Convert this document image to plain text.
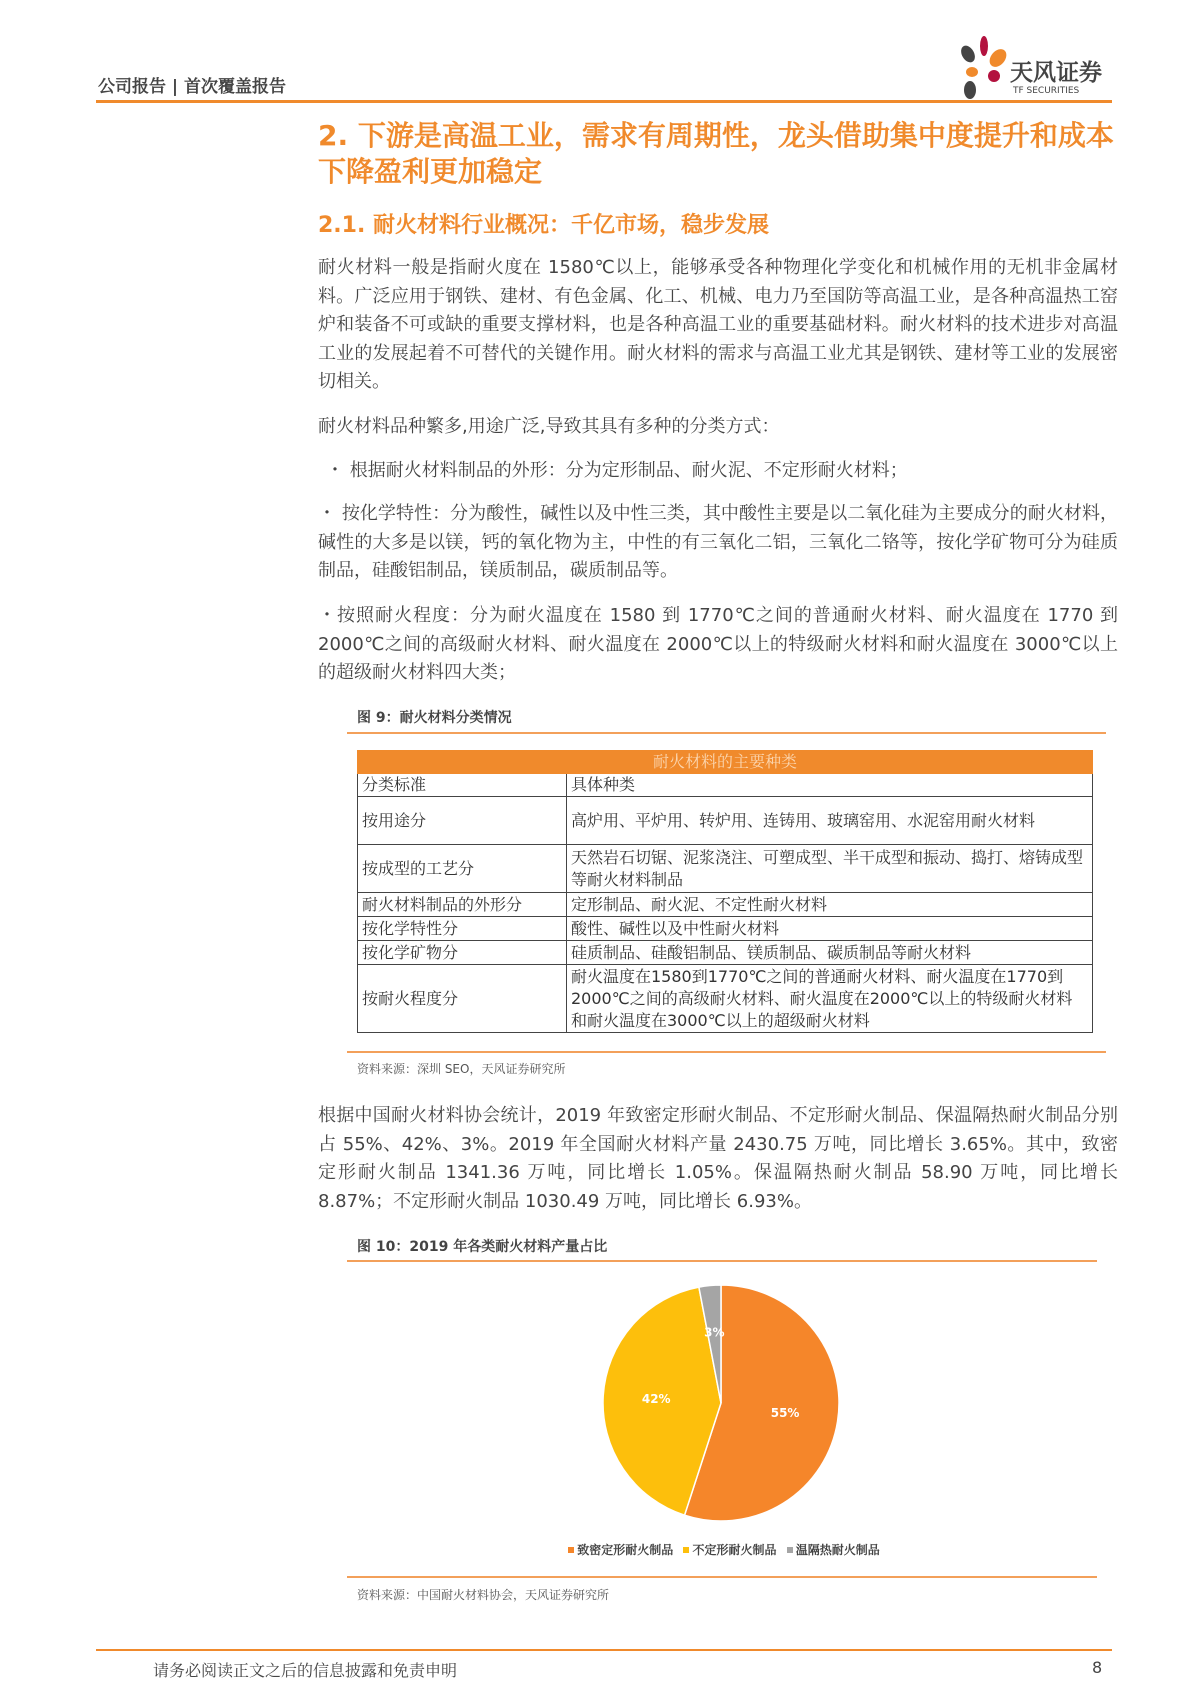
公司报告 | 首次覆盖报告
天风证券
TF SECURITIES
2. 下游是高温工业，需求有周期性，龙头借助集中度提升和成本下降盈利更加稳定
2.1. 耐火材料行业概况：千亿市场，稳步发展
耐火材料一般是指耐火度在 1580℃以上，能够承受各种物理化学变化和机械作用的无机非金属材料。广泛应用于钢铁、建材、有色金属、化工、机械、电力乃至国防等高温工业，是各种高温热工窑炉和装备不可或缺的重要支撑材料，也是各种高温工业的重要基础材料。耐火材料的技术进步对高温工业的发展起着不可替代的关键作用。耐火材料的需求与高温工业尤其是钢铁、建材等工业的发展密切相关。
耐火材料品种繁多,用途广泛,导致其具有多种的分类方式：
・ 根据耐火材料制品的外形：分为定形制品、耐火泥、不定形耐火材料；
・ 按化学特性：分为酸性，碱性以及中性三类，其中酸性主要是以二氧化硅为主要成分的耐火材料，碱性的大多是以镁，钙的氧化物为主，中性的有三氧化二铝，三氧化二铬等，按化学矿物可分为硅质制品，硅酸铝制品，镁质制品，碳质制品等。
・按照耐火程度：分为耐火温度在 1580 到 1770℃之间的普通耐火材料、耐火温度在 1770 到 2000℃之间的高级耐火材料、耐火温度在 2000℃以上的特级耐火材料和耐火温度在 3000℃以上的超级耐火材料四大类；
图 9：耐火材料分类情况
耐火材料的主要种类	
分类标准	具体种类
按用途分	高炉用、平炉用、转炉用、连铸用、玻璃窑用、水泥窑用耐火材料
按成型的工艺分	天然岩石切锯、泥浆浇注、可塑成型、半干成型和振动、捣打、熔铸成型等耐火材料制品
耐火材料制品的外形分	定形制品、耐火泥、不定性耐火材料
按化学特性分	酸性、碱性以及中性耐火材料
按化学矿物分	硅质制品、硅酸铝制品、镁质制品、碳质制品等耐火材料
按耐火程度分	耐火温度在1580到1770℃之间的普通耐火材料、耐火温度在1770到2000℃之间的高级耐火材料、耐火温度在2000℃以上的特级耐火材料和耐火温度在3000℃以上的超级耐火材料
资料来源：深圳 SEO，天风证券研究所
根据中国耐火材料协会统计，2019 年致密定形耐火制品、不定形耐火制品、保温隔热耐火制品分别占 55%、42%、3%。2019 年全国耐火材料产量 2430.75 万吨，同比增长 3.65%。其中，致密定形耐火制品 1341.36 万吨，同比增长 1.05%。保温隔热耐火制品 58.90 万吨，同比增长 8.87%；不定形耐火制品 1030.49 万吨，同比增长 6.93%。
图 10：2019 年各类耐火材料产量占比
55%
42%
3%
致密定形耐火制品 不定形耐火制品 温隔热耐火制品
资料来源：中国耐火材料协会，天风证券研究所
请务必阅读正文之后的信息披露和免责申明	8
